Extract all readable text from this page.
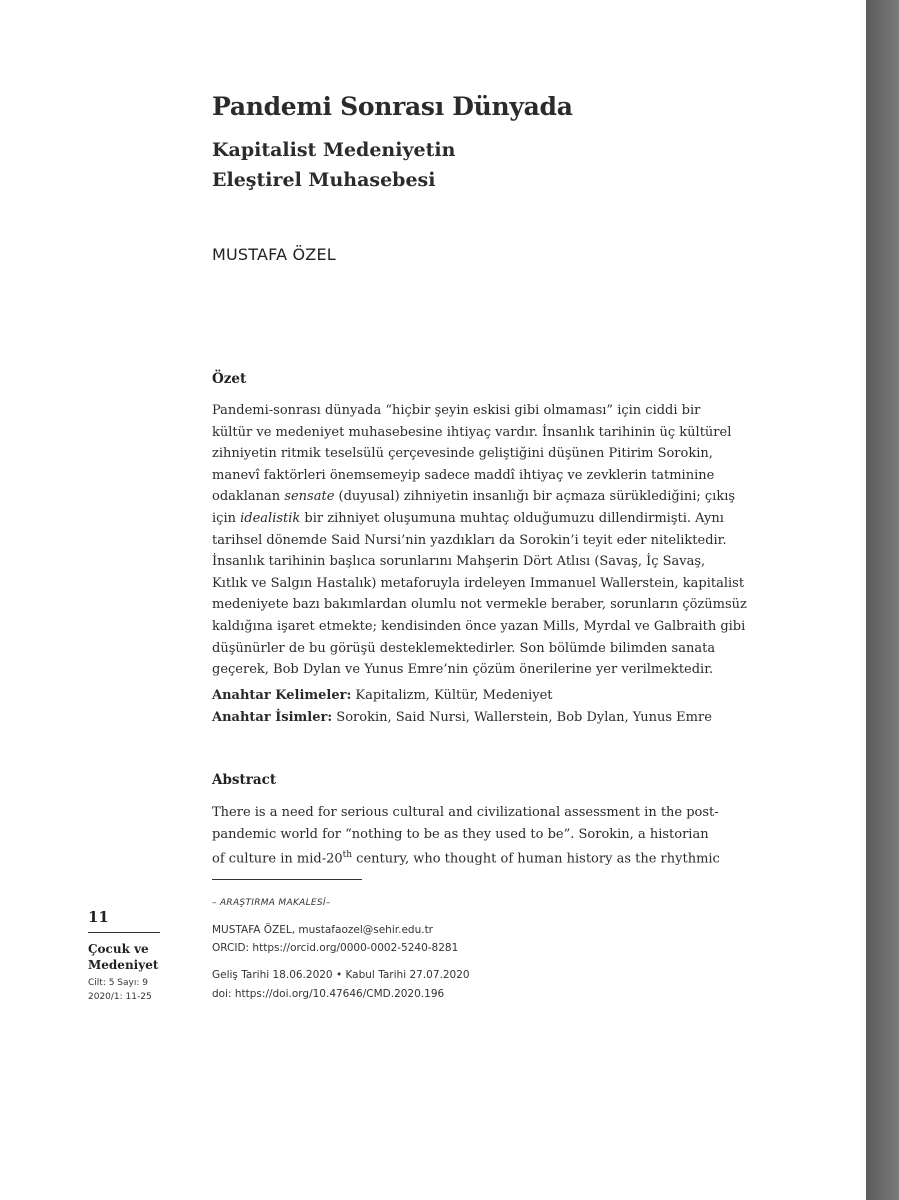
Pandemi Sonrası Dünyada
Kapitalist Medeniyetin
Eleştirel Muhasebesi
MUSTAFA ÖZEL
Özet
Pandemi-sonrası dünyada “hiçbir şeyin eskisi gibi olmaması” için ciddi bir
kültür ve medeniyet muhasebesine ihtiyaç vardır. İnsanlık tarihinin üç kültürel
zihniyetin ritmik teselsülü çerçevesinde geliştiğini düşünen Pitirim Sorokin,
manevî faktörleri önemsemeyip sadece maddî ihtiyaç ve zevklerin tatminine
odaklanan sensate (duyusal) zihniyetin insanlığı bir açmaza sürüklediğini; çıkış
için idealistik bir zihniyet oluşumuna muhtaç olduğumuzu dillendirmişti. Aynı
tarihsel dönemde Said Nursi’nin yazdıkları da Sorokin’i teyit eder niteliktedir.
İnsanlık tarihinin başlıca sorunlarını Mahşerin Dört Atlısı (Savaş, İç Savaş,
Kıtlık ve Salgın Hastalık) metaforuyla irdeleyen Immanuel Wallerstein, kapitalist
medeniyete bazı bakımlardan olumlu not vermekle beraber, sorunların çözümsüz
kaldığına işaret etmekte; kendisinden önce yazan Mills, Myrdal ve Galbraith gibi
düşünürler de bu görüşü desteklemektedirler. Son bölümde bilimden sanata
geçerek, Bob Dylan ve Yunus Emre’nin çözüm önerilerine yer verilmektedir.
Anahtar Kelimeler: Kapitalizm, Kültür, Medeniyet
Anahtar İsimler: Sorokin, Said Nursi, Wallerstein, Bob Dylan, Yunus Emre
Abstract
There is a need for serious cultural and civilizational assessment in the post-
pandemic world for “nothing to be as they used to be”. Sorokin, a historian
of culture in mid-20th century, who thought of human history as the rhythmic
– ARAŞTIRMA MAKALESİ–
MUSTAFA ÖZEL, mustafaozel@sehir.edu.tr
ORCID: https://orcid.org/0000-0002-5240-8281
Geliş Tarihi 18.06.2020 • Kabul Tarihi 27.07.2020
doi: https://doi.org/10.47646/CMD.2020.196
11
Çocuk ve
Medeniyet
Cilt: 5 Sayı: 9
2020/1: 11-25
